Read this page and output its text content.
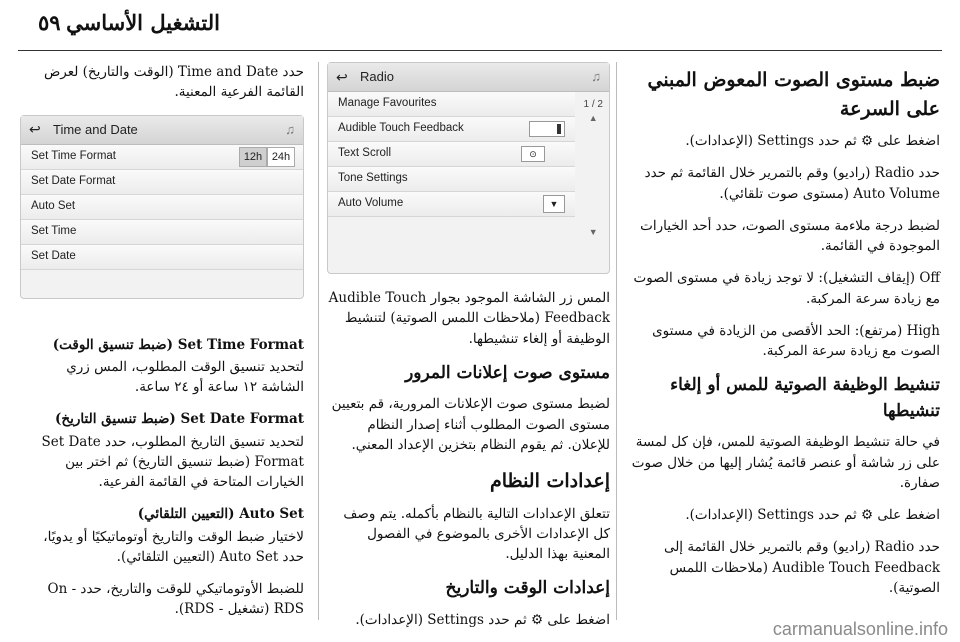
٥٩ التشغيل الأساسي
ضبط مستوى الصوت المعوض المبني على السرعة

اضغط على ⚙ ثم حدد Settings (الإعدادات).

حدد Radio (راديو) وقم بالتمرير خلال القائمة ثم حدد Auto Volume (مستوى صوت تلقائي).

لضبط درجة ملاءمة مستوى الصوت، حدد أحد الخيارات الموجودة في القائمة.

Off (إيقاف التشغيل): لا توجد زيادة في مستوى الصوت مع زيادة سرعة المركبة.

High (مرتفع): الحد الأقصى من الزيادة في مستوى الصوت مع زيادة سرعة المركبة.

تنشيط الوظيفة الصوتية للمس أو إلغاء تنشيطها

في حالة تنشيط الوظيفة الصوتية للمس، فإن كل لمسة على زر شاشة أو عنصر قائمة يُشار إليها من خلال صوت صفارة.

اضغط على ⚙ ثم حدد Settings (الإعدادات).

حدد Radio (راديو) وقم بالتمرير خلال القائمة إلى Audible Touch Feedback (ملاحظات اللمس الصوتية).

↩ Radio	♫
Manage Favourites
Audible Touch Feedback
Text Scroll	⊙
Tone Settings
Auto Volume	▼
1 / 2
▲
▼

المس زر الشاشة الموجود بجوار Audible Touch Feedback (ملاحظات اللمس الصوتية) لتنشيط الوظيفة أو إلغاء تنشيطها.

مستوى صوت إعلانات المرور

لضبط مستوى صوت الإعلانات المرورية، قم بتعيين مستوى الصوت المطلوب أثناء إصدار النظام للإعلان. ثم يقوم النظام بتخزين الإعداد المعني.

إعدادات النظام

تتعلق الإعدادات التالية بالنظام بأكمله. يتم وصف كل الإعدادات الأخرى بالموضوع في الفصول المعنية بهذا الدليل.

إعدادات الوقت والتاريخ

اضغط على ⚙ ثم حدد Settings (الإعدادات).

حدد Time and Date (الوقت والتاريخ) لعرض القائمة الفرعية المعنية.

↩ Time and Date	♫
Set Time Format	12h 24h
Set Date Format
Auto Set
Set Time
Set Date

Set Time Format (ضبط تنسيق الوقت)

لتحديد تنسيق الوقت المطلوب، المس زري الشاشة ١٢ ساعة أو ٢٤ ساعة.

Set Date Format (ضبط تنسيق التاريخ)

لتحديد تنسيق التاريخ المطلوب، حدد Set Date Format (ضبط تنسيق التاريخ) ثم اختر بين الخيارات المتاحة في القائمة الفرعية.

Auto Set (التعيين التلقائي)

لاختيار ضبط الوقت والتاريخ أوتوماتيكيًا أو يدويًا، حدد Auto Set (التعيين التلقائي).

للضبط الأوتوماتيكي للوقت والتاريخ، حدد On - RDS (تشغيل - RDS).

carmanualsonline.info
